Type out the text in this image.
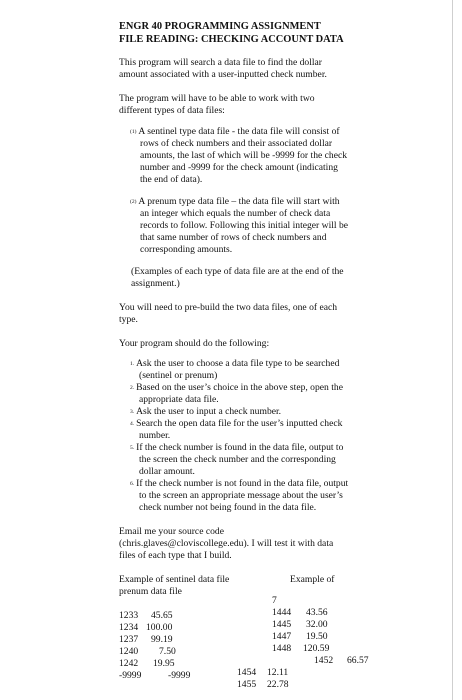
ENGR 40 PROGRAMMING ASSIGNMENT

FILE READING: CHECKING ACCOUNT DATA

This program will search a data file to find the dollar

amount associated with a user-inputted check number.

The program will have to be able to work with two

different types of data files:

(1) A sentinel type data file - the data file will consist of

rows of check numbers and their associated dollar

amounts, the last of which will be -9999 for the check

number and -9999 for the check amount (indicating

the end of data).

(2) A prenum type data file – the data file will start with

an integer which equals the number of check data

records to follow. Following this initial integer will be

that same number of rows of check numbers and

corresponding amounts.

(Examples of each type of data file are at the end of the

assignment.)

You will need to pre-build the two data files, one of each

type.

Your program should do the following:

1. Ask the user to choose a data file type to be searched

(sentinel or prenum)

2. Based on the user’s choice in the above step, open the

appropriate data file.

3. Ask the user to input a check number.

4. Search the open data file for the user’s inputted check

number.

5. If the check number is found in the data file, output to

the screen the check number and the corresponding

dollar amount.

6. If the check number is not found in the data file, output

to the screen an appropriate message about the user’s

check number not being found in the data file.

Email me your source code

(chris.glaves@cloviscollege.edu). I will test it with data

files of each type that I build.

Example of sentinel data file	Example of

prenum data file

1233 45.65

1234 100.00

1237 99.19

1240 7.50

1242 19.95

-9999	-9999

7

1444 43.56

1445 32.00

1447 19.50

1448 120.59

1452 66.57

1454 12.11

1455 22.78
